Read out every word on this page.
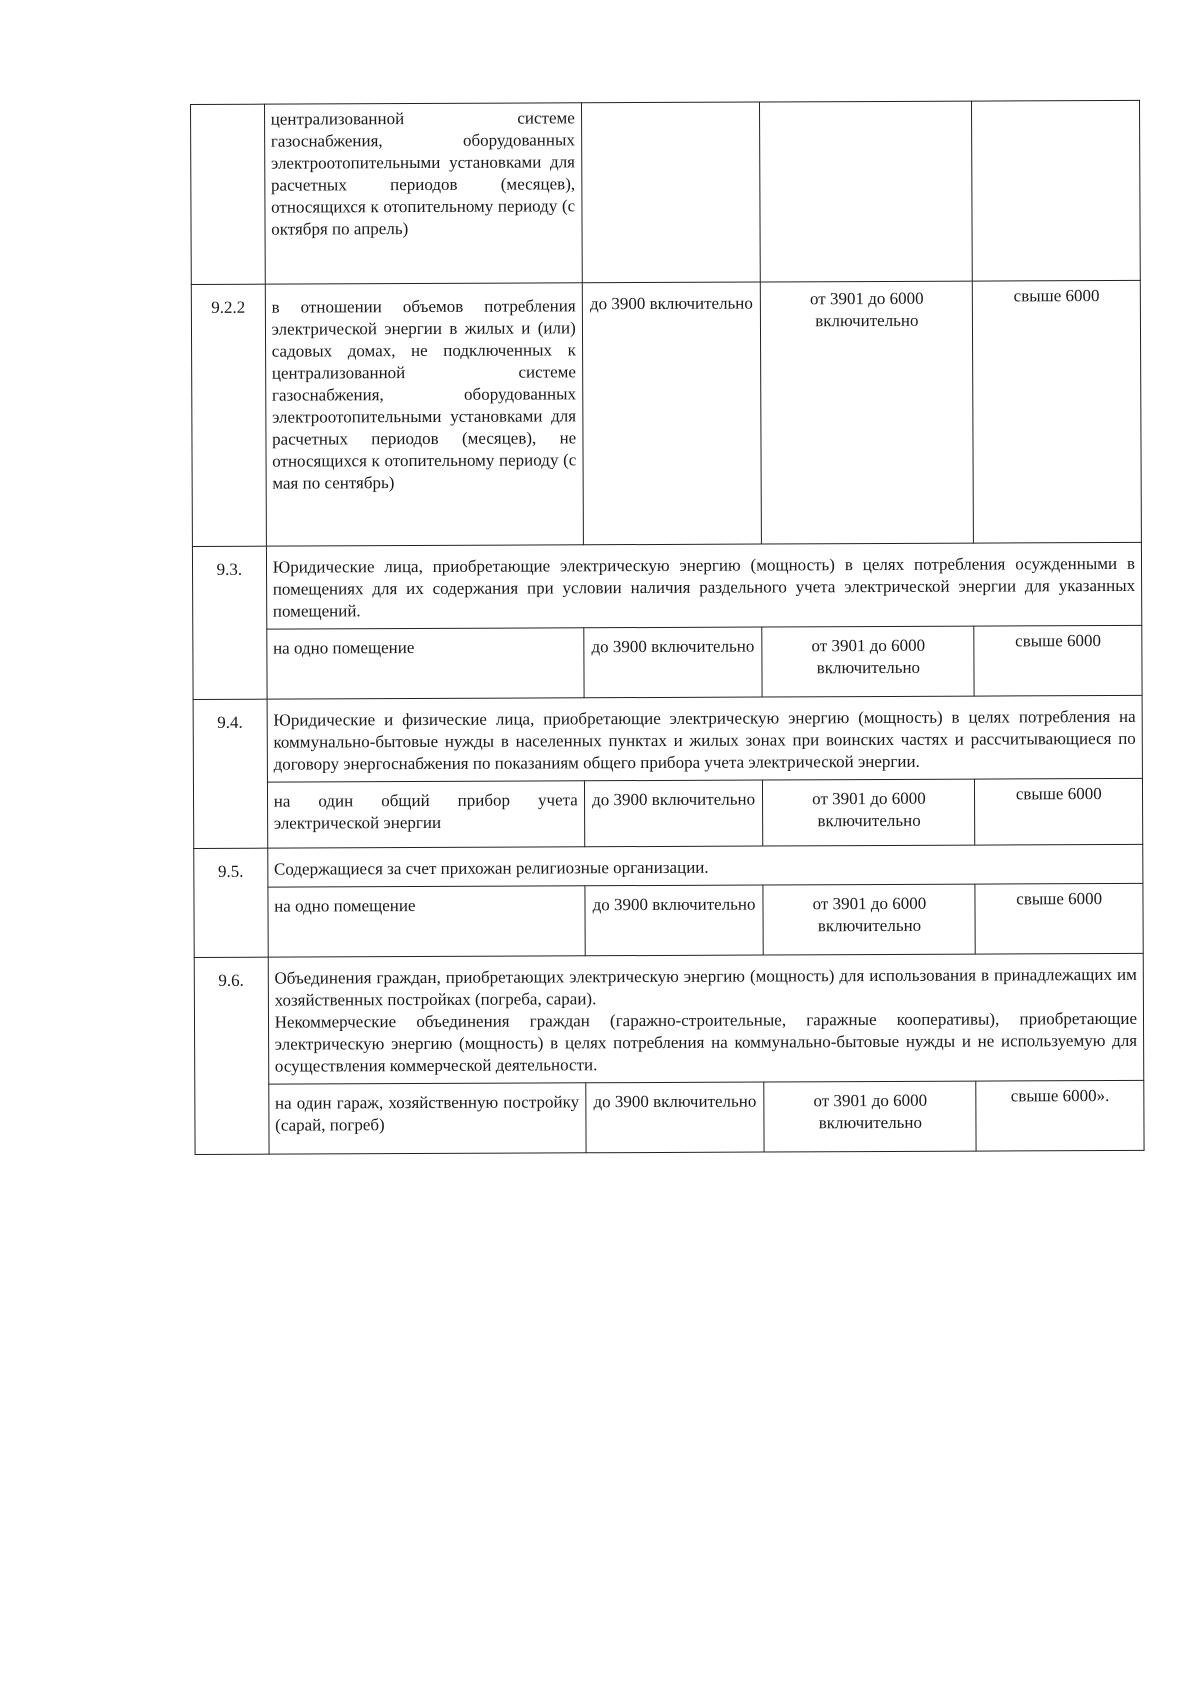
	централизованной системе газоснабжения, оборудованных электроотопительными установками для расчетных периодов (месяцев), относящихся к отопительному периоду (с октября по апрель)			
9.2.2	в отношении объемов потребления электрической энергии в жилых и (или) садовых домах, не подключенных к централизованной системе газоснабжения, оборудованных электроотопительными установками для расчетных периодов (месяцев), не относящихся к отопительному периоду (с мая по сентябрь)	до 3900 включительно	от 3901 до 6000 включительно	свыше 6000
9.3.	Юридические лица, приобретающие электрическую энергию (мощность) в целях потребления осужденными в помещениях для их содержания при условии наличия раздельного учета электрической энергии для указанных помещений.			
	на одно помещение	до 3900 включительно	от 3901 до 6000 включительно	свыше 6000
9.4.	Юридические и физические лица, приобретающие электрическую энергию (мощность) в целях потребления на коммунально-бытовые нужды в населенных пунктах и жилых зонах при воинских частях и рассчитывающиеся по договору энергоснабжения по показаниям общего прибора учета электрической энергии.			
	на один общий прибор учета электрической энергии	до 3900 включительно	от 3901 до 6000 включительно	свыше 6000
9.5.	Содержащиеся за счет прихожан религиозные организации.			
	на одно помещение	до 3900 включительно	от 3901 до 6000 включительно	свыше 6000
9.6.	Объединения граждан, приобретающих электрическую энергию (мощность) для использования в принадлежащих им хозяйственных постройках (погреба, сараи).
Некоммерческие объединения граждан (гаражно-строительные, гаражные кооперативы), приобретающие электрическую энергию (мощность) в целях потребления на коммунально-бытовые нужды и не используемую для осуществления коммерческой деятельности.			

	на один гараж, хозяйственную постройку (сарай, погреб)	до 3900 включительно	от 3901 до 6000 включительно	свыше 6000».
